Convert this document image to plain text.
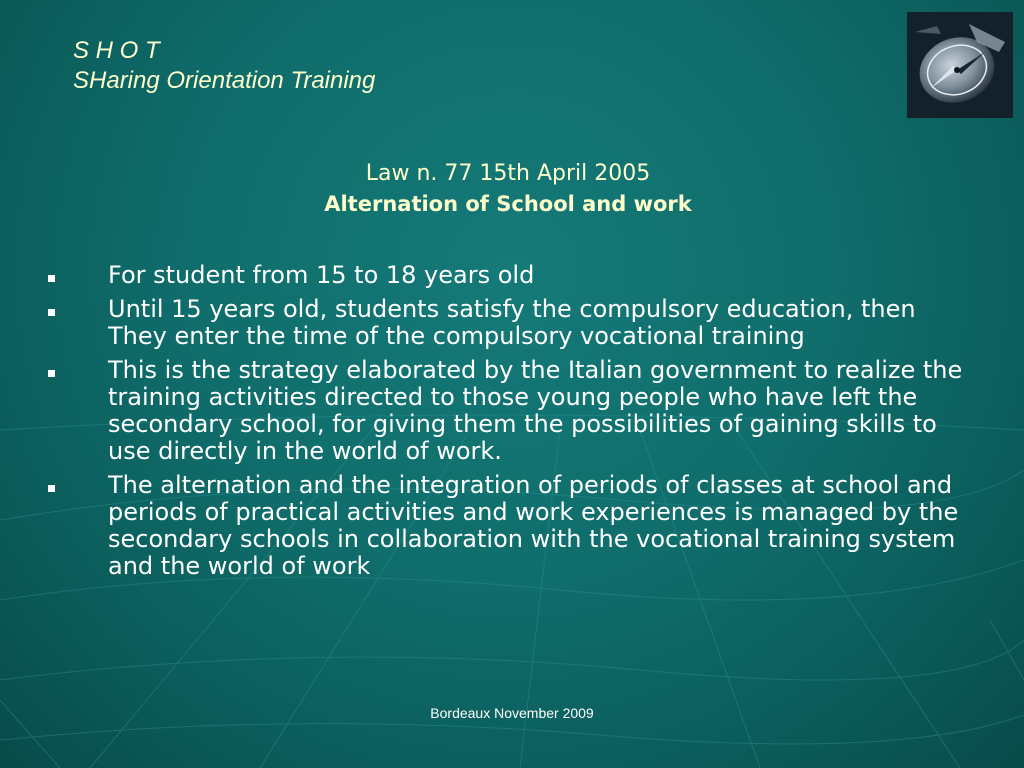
S H O T
SHaring Orientation Training
Law n. 77 15th April 2005
Alternation of School and work
For student from 15 to 18 years old
Until 15 years old, students satisfy the compulsory education, then They enter the time of the compulsory vocational training
This is the strategy elaborated by the Italian government to realize the training activities directed to those young people who have left the secondary school, for giving them the possibilities of gaining skills to use directly in the world of work.
The alternation and the integration of periods of classes at school and periods of practical activities and work experiences is managed by the secondary schools in collaboration with the vocational training system and the world of work
Bordeaux November 2009
